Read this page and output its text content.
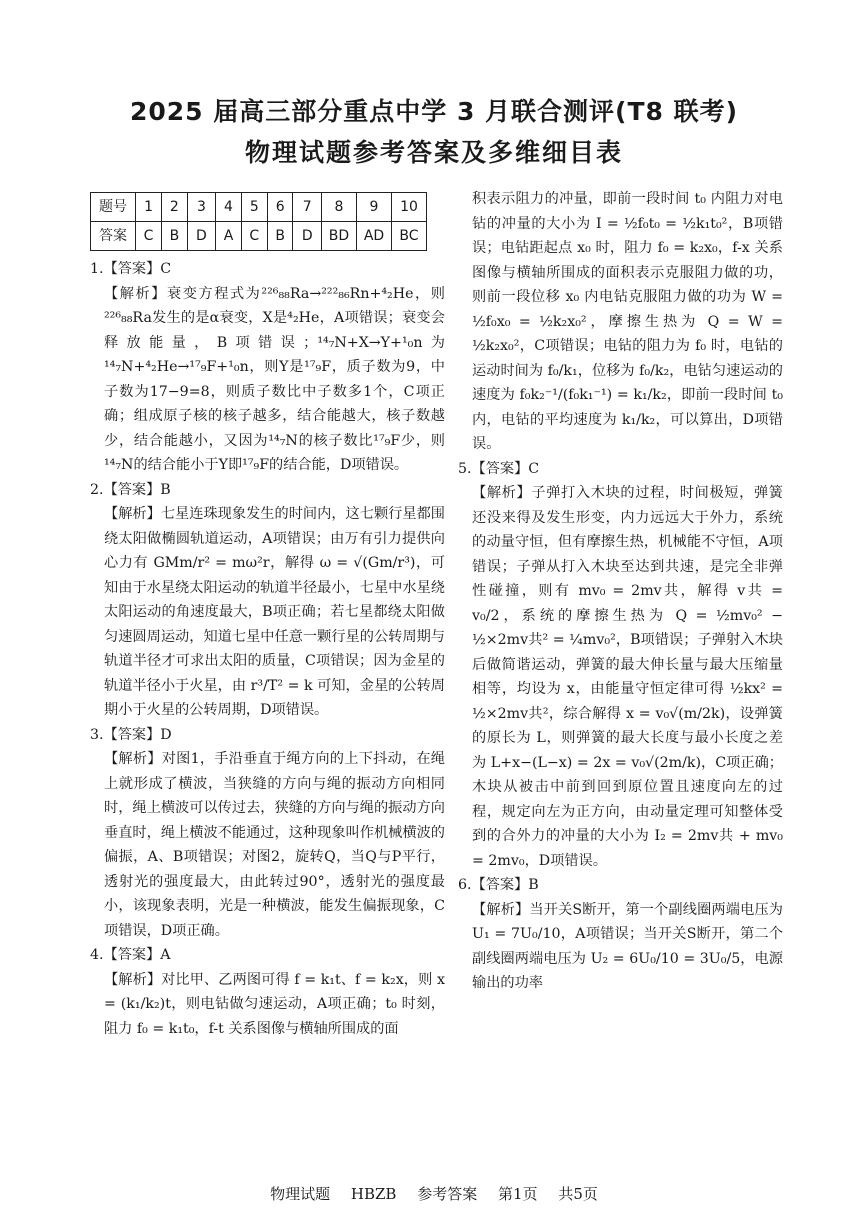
2025 届高三部分重点中学 3 月联合测评(T8 联考)
物理试题参考答案及多维细目表
题号	1	2	3	4	5	6	7	8	9	10
答案	C	B	D	A	C	B	D	BD	AD	BC

1.【答案】C

【解析】衰变方程式为²²⁶₈₈Ra→²²²₈₆Rn+⁴₂He，则²²⁶₈₈Ra发生的是α衰变，X是⁴₂He，A项错误；衰变会释放能量，B项错误；¹⁴₇N+X→Y+¹₀n为¹⁴₇N+⁴₂He→¹⁷₉F+¹₀n，则Y是¹⁷₉F，质子数为9，中子数为17−9=8，则质子数比中子数多1个，C项正确；组成原子核的核子越多，结合能越大，核子数越少，结合能越小，又因为¹⁴₇N的核子数比¹⁷₉F少，则¹⁴₇N的结合能小于Y即¹⁷₉F的结合能，D项错误。

2.【答案】B

【解析】七星连珠现象发生的时间内，这七颗行星都围绕太阳做椭圆轨道运动，A项错误；由万有引力提供向心力有 GMm/r² = mω²r，解得 ω = √(Gm/r³)，可知由于水星绕太阳运动的轨道半径最小，七星中水星绕太阳运动的角速度最大，B项正确；若七星都绕太阳做匀速圆周运动，知道七星中任意一颗行星的公转周期与轨道半径才可求出太阳的质量，C项错误；因为金星的轨道半径小于火星，由 r³/T² = k 可知，金星的公转周期小于火星的公转周期，D项错误。

3.【答案】D

【解析】对图1，手沿垂直于绳方向的上下抖动，在绳上就形成了横波，当狭缝的方向与绳的振动方向相同时，绳上横波可以传过去，狭缝的方向与绳的振动方向垂直时，绳上横波不能通过，这种现象叫作机械横波的偏振，A、B项错误；对图2，旋转Q，当Q与P平行，透射光的强度最大，由此转过90°，透射光的强度最小，该现象表明，光是一种横波，能发生偏振现象，C项错误，D项正确。

4.【答案】A

【解析】对比甲、乙两图可得 f = k₁t、f = k₂x，则 x = (k₁/k₂)t，则电钻做匀速运动，A项正确；t₀ 时刻，阻力 f₀ = k₁t₀，f-t 关系图像与横轴所围成的面

积表示阻力的冲量，即前一段时间 t₀ 内阻力对电钻的冲量的大小为 I = ½f₀t₀ = ½k₁t₀²，B项错误；电钻距起点 x₀ 时，阻力 f₀ = k₂x₀，f-x 关系图像与横轴所围成的面积表示克服阻力做的功，则前一段位移 x₀ 内电钻克服阻力做的功为 W = ½f₀x₀ = ½k₂x₀²，摩擦生热为 Q = W = ½k₂x₀²，C项错误；电钻的阻力为 f₀ 时，电钻的运动时间为 f₀/k₁，位移为 f₀/k₂，电钻匀速运动的速度为 f₀k₂⁻¹/(f₀k₁⁻¹) = k₁/k₂，即前一段时间 t₀ 内，电钻的平均速度为 k₁/k₂，可以算出，D项错误。

5.【答案】C

【解析】子弹打入木块的过程，时间极短，弹簧还没来得及发生形变，内力远远大于外力，系统的动量守恒，但有摩擦生热，机械能不守恒，A项错误；子弹从打入木块至达到共速，是完全非弹性碰撞，则有 mv₀ = 2mv共，解得 v共 = v₀/2，系统的摩擦生热为 Q = ½mv₀² − ½×2mv共² = ¼mv₀²，B项错误；子弹射入木块后做简谐运动，弹簧的最大伸长量与最大压缩量相等，均设为 x，由能量守恒定律可得 ½kx² = ½×2mv共²，综合解得 x = v₀√(m/2k)，设弹簧的原长为 L，则弹簧的最大长度与最小长度之差为 L+x−(L−x) = 2x = v₀√(2m/k)，C项正确；木块从被击中前到回到原位置且速度向左的过程，规定向左为正方向，由动量定理可知整体受到的合外力的冲量的大小为 I₂ = 2mv共 + mv₀ = 2mv₀，D项错误。

6.【答案】B

【解析】当开关S断开，第一个副线圈两端电压为 U₁ = 7U₀/10，A项错误；当开关S断开，第二个副线圈两端电压为 U₂ = 6U₀/10 = 3U₀/5，电源输出的功率

物理试题 HBZB 参考答案 第1页 共5页
